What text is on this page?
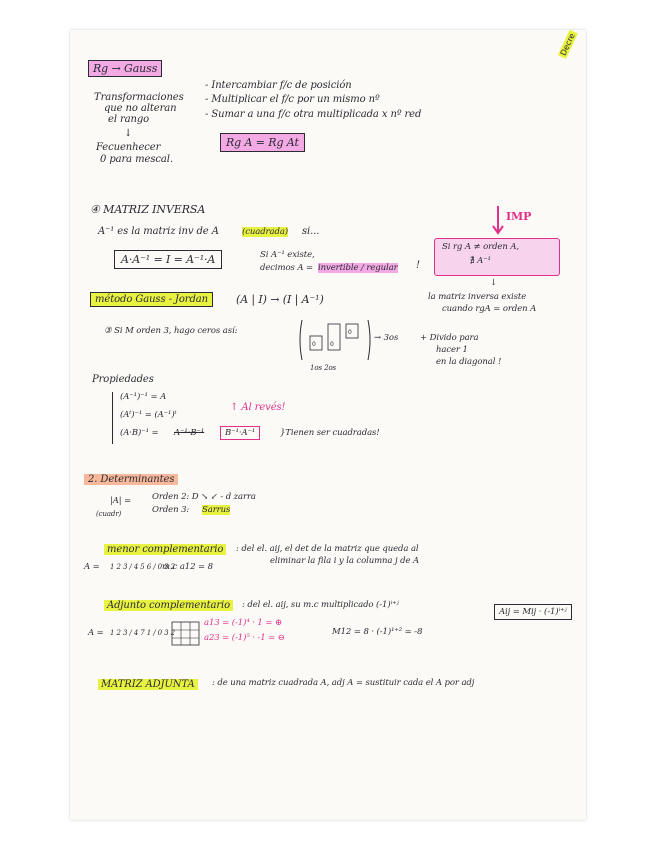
Decre
Rg → Gauss
Transformaciones
que no alteran
el rango
↓
Fecuenhecer
0 para mescal.
- Intercambiar f/c de posición
- Multiplicar el f/c por un mismo nº
- Sumar a una f/c otra multiplicada x nº red
Rg A = Rg At
④ MATRIZ INVERSA
A⁻¹ es la matriz inv de A	(cuadrada) si...
A·A⁻¹ = I = A⁻¹·A	Si A⁻¹ existe,
decimos A = invertible / regular !
IMP
Si rg A ≠ orden A,
∄ A⁻¹
↓
la matriz inversa existe
cuando rgA = orden A
método Gauss - Jordan	(A | I) → (I | A⁻¹)
③ Si M orden 3, hago ceros así:
0 0
0
→ 3os	+ Divido para
hacer 1
en la diagonal !
1os 2os
Propiedades
(A⁻¹)⁻¹ = A
(Aᵗ)⁻¹ = (A⁻¹)ᵗ
(A·B)⁻¹ = A⁻¹·B⁻¹	B⁻¹·A⁻¹
↑ Al revés!
}Tienen ser cuadradas!
2. Determinantes
|A| =
(cuadr)
Orden 2: D ↘ ↙ - d zarra
Orden 3: Sarrus
menor complementario	: del el. aij, el det de la matriz que queda al
eliminar la fila i y la columna j de A
A = 1 2 3 / 4 5 6 / 0 3 2
m.c a12 = 8
Adjunto complementario	: del el. aij, su m.c multiplicado (-1)ⁱ⁺ʲ
Aij = Mij · (-1)ⁱ⁺ʲ
A = 1 2 3 / 4 7 1 / 0 3 2
a13 = (-1)⁴ · 1 = ⊕
a23 = (-1)⁵ · -1 = ⊖
M12 = 8 · (-1)¹⁺² = -8
MATRIZ ADJUNTA	: de una matriz cuadrada A, adj A = sustituir cada el A por adj
